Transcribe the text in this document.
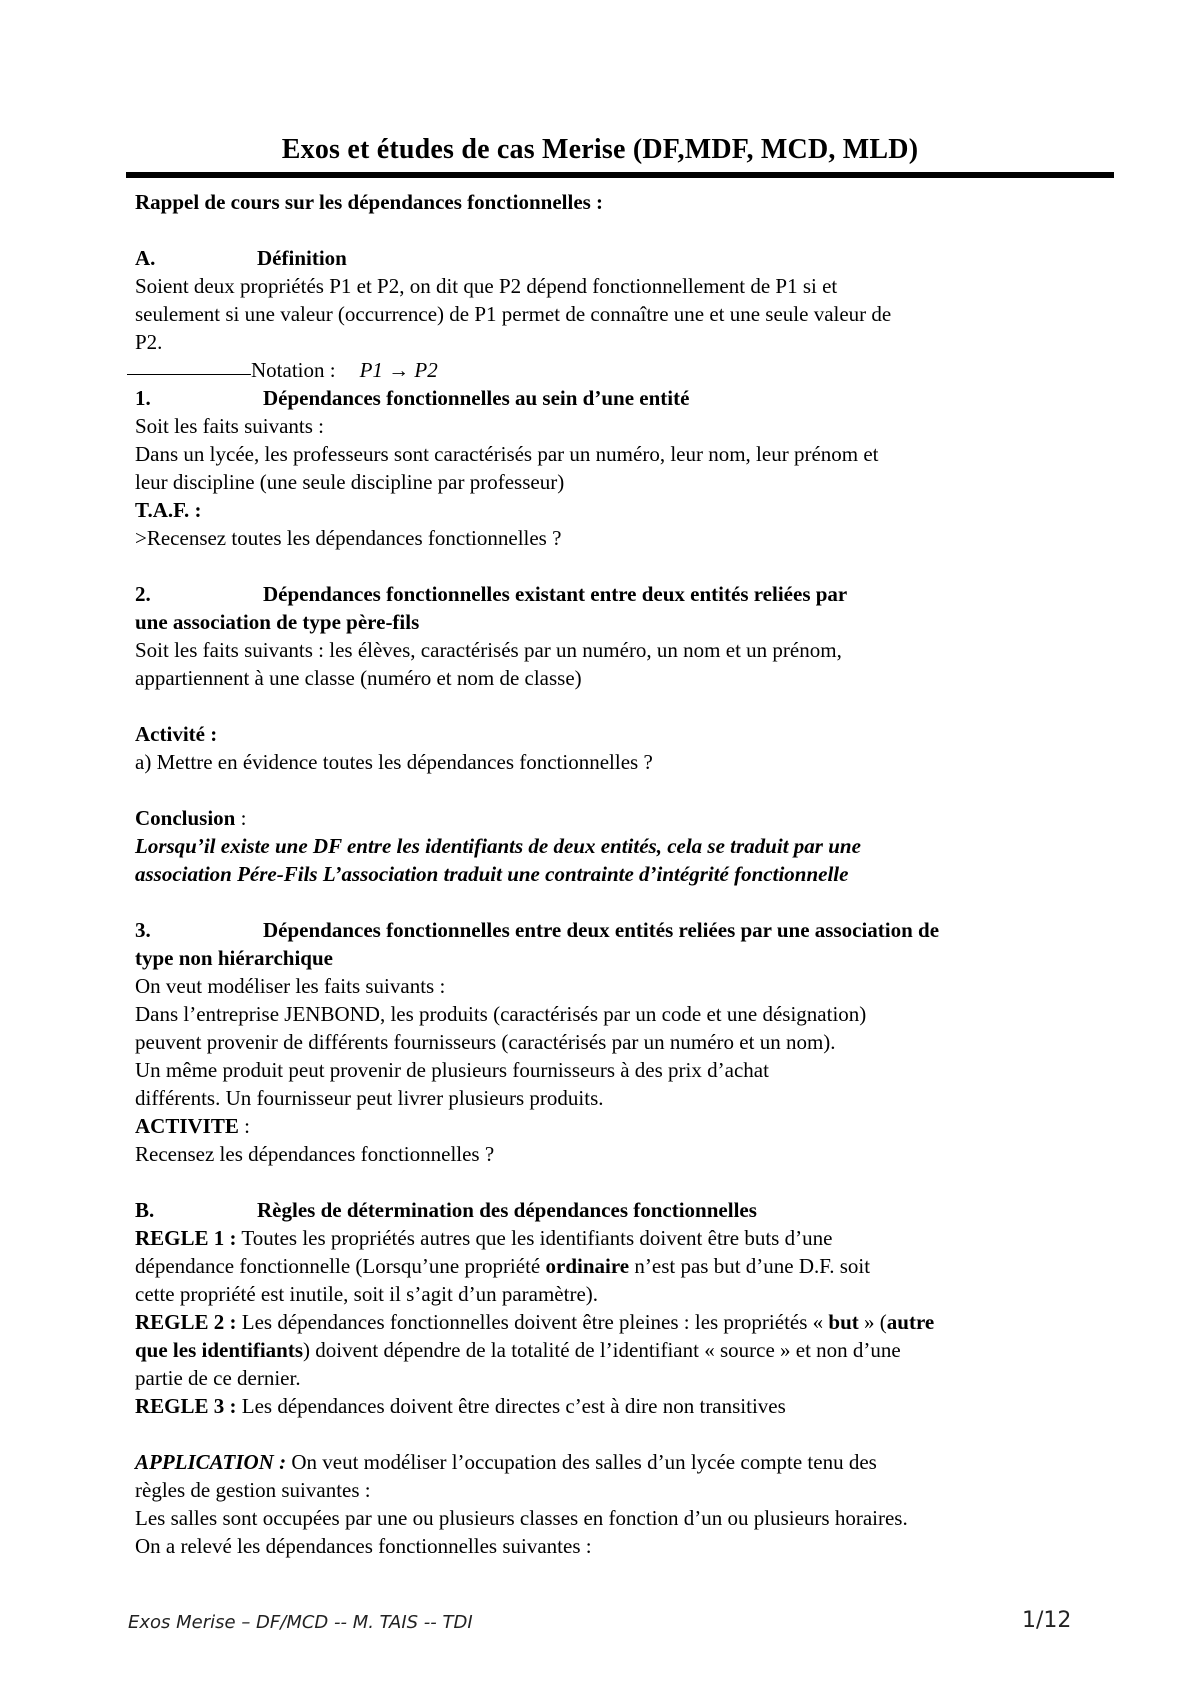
Exos et études de cas Merise (DF,MDF, MCD, MLD)
Rappel de cours sur les dépendances fonctionnelles :
A.	Définition
Soient deux propriétés P1 et P2, on dit que P2 dépend fonctionnellement de P1 si et
seulement si une valeur (occurrence) de P1 permet de connaître une et une seule valeur de
P2.
Notation : P1 → P2
1.	Dépendances fonctionnelles au sein d’une entité
Soit les faits suivants :
Dans un lycée, les professeurs sont caractérisés par un numéro, leur nom, leur prénom et
leur discipline (une seule discipline par professeur)
T.A.F. :
>Recensez toutes les dépendances fonctionnelles ?
2.	Dépendances fonctionnelles existant entre deux entités reliées par
une association de type père-fils
Soit les faits suivants : les élèves, caractérisés par un numéro, un nom et un prénom,
appartiennent à une classe (numéro et nom de classe)
Activité :
a) Mettre en évidence toutes les dépendances fonctionnelles ?
Conclusion :
Lorsqu’il existe une DF entre les identifiants de deux entités, cela se traduit par une
association Pére-Fils L’association traduit une contrainte d’intégrité fonctionnelle
3.	Dépendances fonctionnelles entre deux entités reliées par une association de
type non hiérarchique
On veut modéliser les faits suivants :
Dans l’entreprise JENBOND, les produits (caractérisés par un code et une désignation)
peuvent provenir de différents fournisseurs (caractérisés par un numéro et un nom).
Un même produit peut provenir de plusieurs fournisseurs à des prix d’achat
différents. Un fournisseur peut livrer plusieurs produits.
ACTIVITE :
Recensez les dépendances fonctionnelles ?
B.	Règles de détermination des dépendances fonctionnelles
REGLE 1 : Toutes les propriétés autres que les identifiants doivent être buts d’une
dépendance fonctionnelle (Lorsqu’une propriété ordinaire n’est pas but d’une D.F. soit
cette propriété est inutile, soit il s’agit d’un paramètre).
REGLE 2 : Les dépendances fonctionnelles doivent être pleines : les propriétés « but » (autre
que les identifiants) doivent dépendre de la totalité de l’identifiant « source » et non d’une
partie de ce dernier.
REGLE 3 : Les dépendances doivent être directes c’est à dire non transitives
APPLICATION : On veut modéliser l’occupation des salles d’un lycée compte tenu des
règles de gestion suivantes :
Les salles sont occupées par une ou plusieurs classes en fonction d’un ou plusieurs horaires.
On a relevé les dépendances fonctionnelles suivantes :
Exos Merise – DF/MCD -- M. TAIS -- TDI	1/12
